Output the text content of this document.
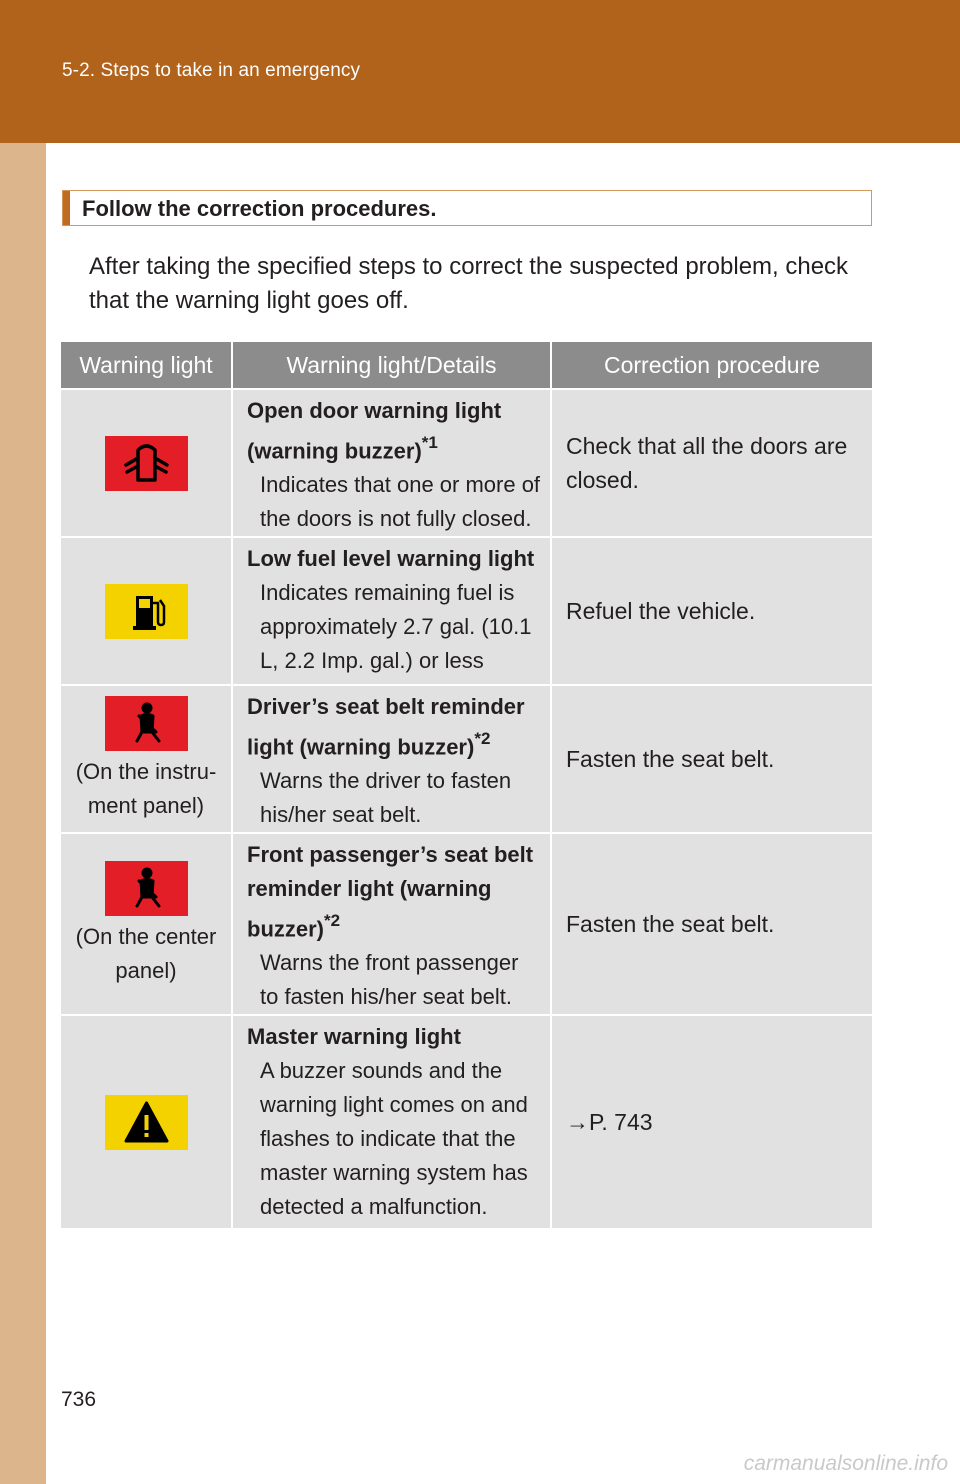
5-2. Steps to take in an emergency
Follow the correction procedures.

After taking the specified steps to correct the suspected problem, check that the warning light goes off.

Warning light	Warning light/Details	Correction procedure
Open door warning light (warning buzzer)$^{*1}$
Indicates that one or more of the doors is not fully closed.
Check that all the doors are closed.
Low fuel level warning light
Indicates remaining fuel is approximately 2.7 gal. (10.1 L, 2.2 Imp. gal.) or less
Refuel the vehicle.
(On the instru- ment panel)
Driver’s seat belt reminder light (warning buzzer)$^{*2}$
Warns the driver to fasten his/her seat belt.
Fasten the seat belt.
(On the center panel)
Front passenger’s seat belt reminder light (warning buzzer)$^{*2}$
Warns the front passenger to fasten his/her seat belt.
Fasten the seat belt.
Master warning light
A buzzer sounds and the warning light comes on and flashes to indicate that the master warning system has detected a malfunction.
→P. 743
736
carmanualsonline.info
